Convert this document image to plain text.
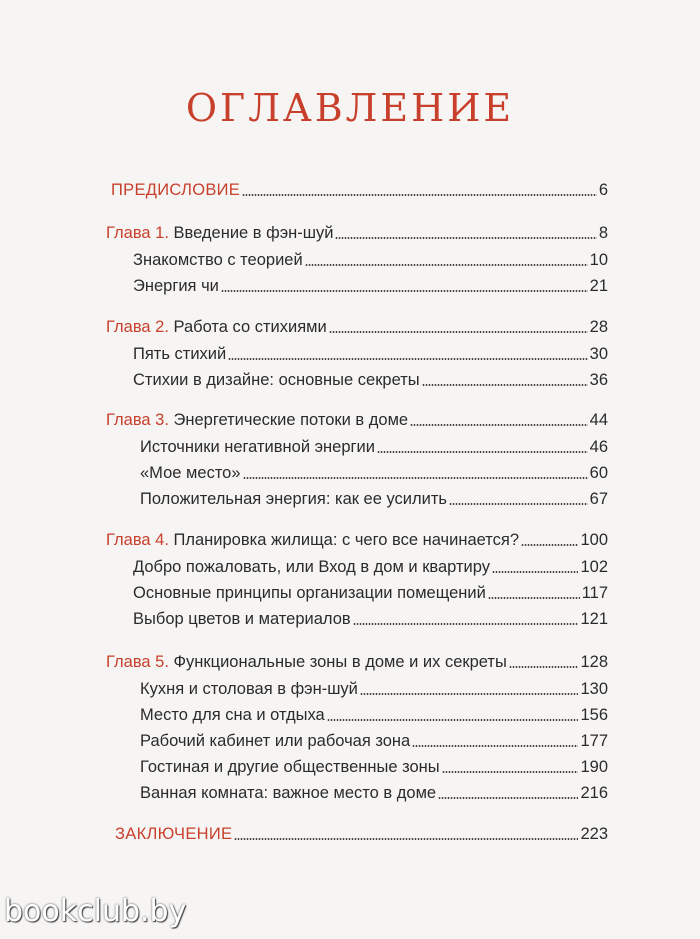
ОГЛАВЛЕНИЕ
ПРЕДИСЛОВИЕ	6
Глава 1. Введение в фэн-шуй	8
Знакомство с теорией	10
Энергия чи	21
Глава 2. Работа со стихиями	28
Пять стихий	30
Стихии в дизайне: основные секреты	36
Глава 3. Энергетические потоки в доме	44
Источники негативной энергии	46
«Мое место»	60
Положительная энергия: как ее усилить	67
Глава 4. Планировка жилища: с чего все начинается?	100
Добро пожаловать, или Вход в дом и квартиру	102
Основные принципы организации помещений	117
Выбор цветов и материалов	121
Глава 5. Функциональные зоны в доме и их секреты	128
Кухня и столовая в фэн-шуй	130
Место для сна и отдыха	156
Рабочий кабинет или рабочая зона	177
Гостиная и другие общественные зоны	190
Ванная комната: важное место в доме	216
ЗАКЛЮЧЕНИЕ	223
bookclub.by
